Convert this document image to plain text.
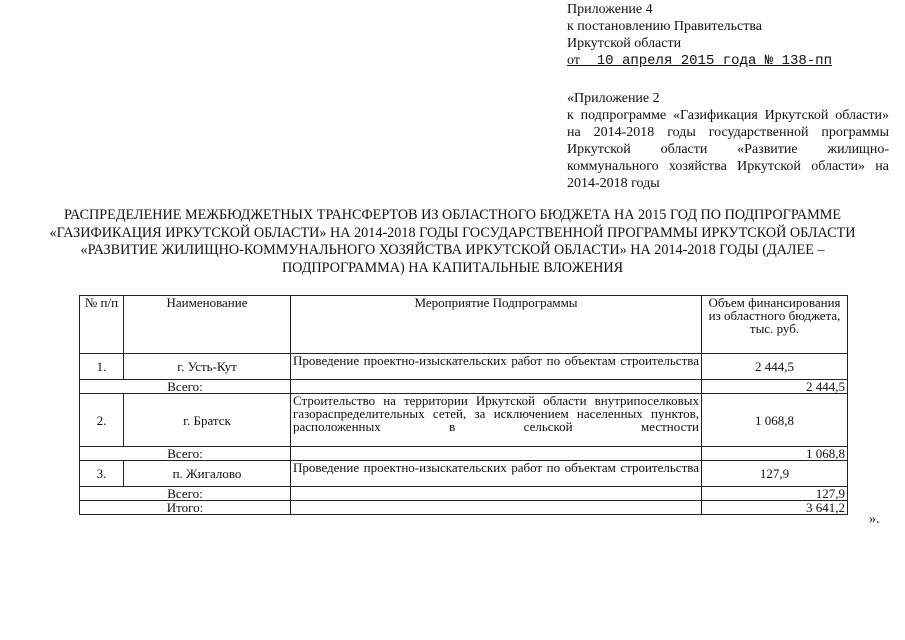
Приложение 4
к постановлению Правительства
Иркутской области
от  10 апреля 2015 года № 138-пп
«Приложение 2
к подпрограмме «Газификация Иркутской области» на 2014-2018 годы государственной программы Иркутской области «Развитие жилищно-коммунального хозяйства Иркутской области» на 2014-2018 годы
РАСПРЕДЕЛЕНИЕ МЕЖБЮДЖЕТНЫХ ТРАНСФЕРТОВ ИЗ ОБЛАСТНОГО БЮДЖЕТА НА 2015 ГОД ПО ПОДПРОГРАММЕ «ГАЗИФИКАЦИЯ ИРКУТСКОЙ ОБЛАСТИ» НА 2014-2018 ГОДЫ ГОСУДАРСТВЕННОЙ ПРОГРАММЫ ИРКУТСКОЙ ОБЛАСТИ «РАЗВИТИЕ ЖИЛИЩНО-КОММУНАЛЬНОГО ХОЗЯЙСТВА ИРКУТСКОЙ ОБЛАСТИ» НА 2014-2018 ГОДЫ (ДАЛЕЕ – ПОДПРОГРАММА) НА КАПИТАЛЬНЫЕ ВЛОЖЕНИЯ
№ п/п	Наименование	Мероприятие Подпрограммы	Объем финансирования из областного бюджета, тыс. руб.
1.	г. Усть-Кут	Проведение проектно-изыскательских работ по объектам строительства	2 444,5
Всего:			2 444,5
2.	г. Братск	Строительство на территории Иркутской области внутрипоселковых газораспределительных сетей, за исключением населенных пунктов, расположенных в сельской местности	1 068,8
Всего:			1 068,8
3.	п. Жигалово	Проведение проектно-изыскательских работ по объектам строительства	127,9
Всего:			127,9
Итого:			3 641,2
».
